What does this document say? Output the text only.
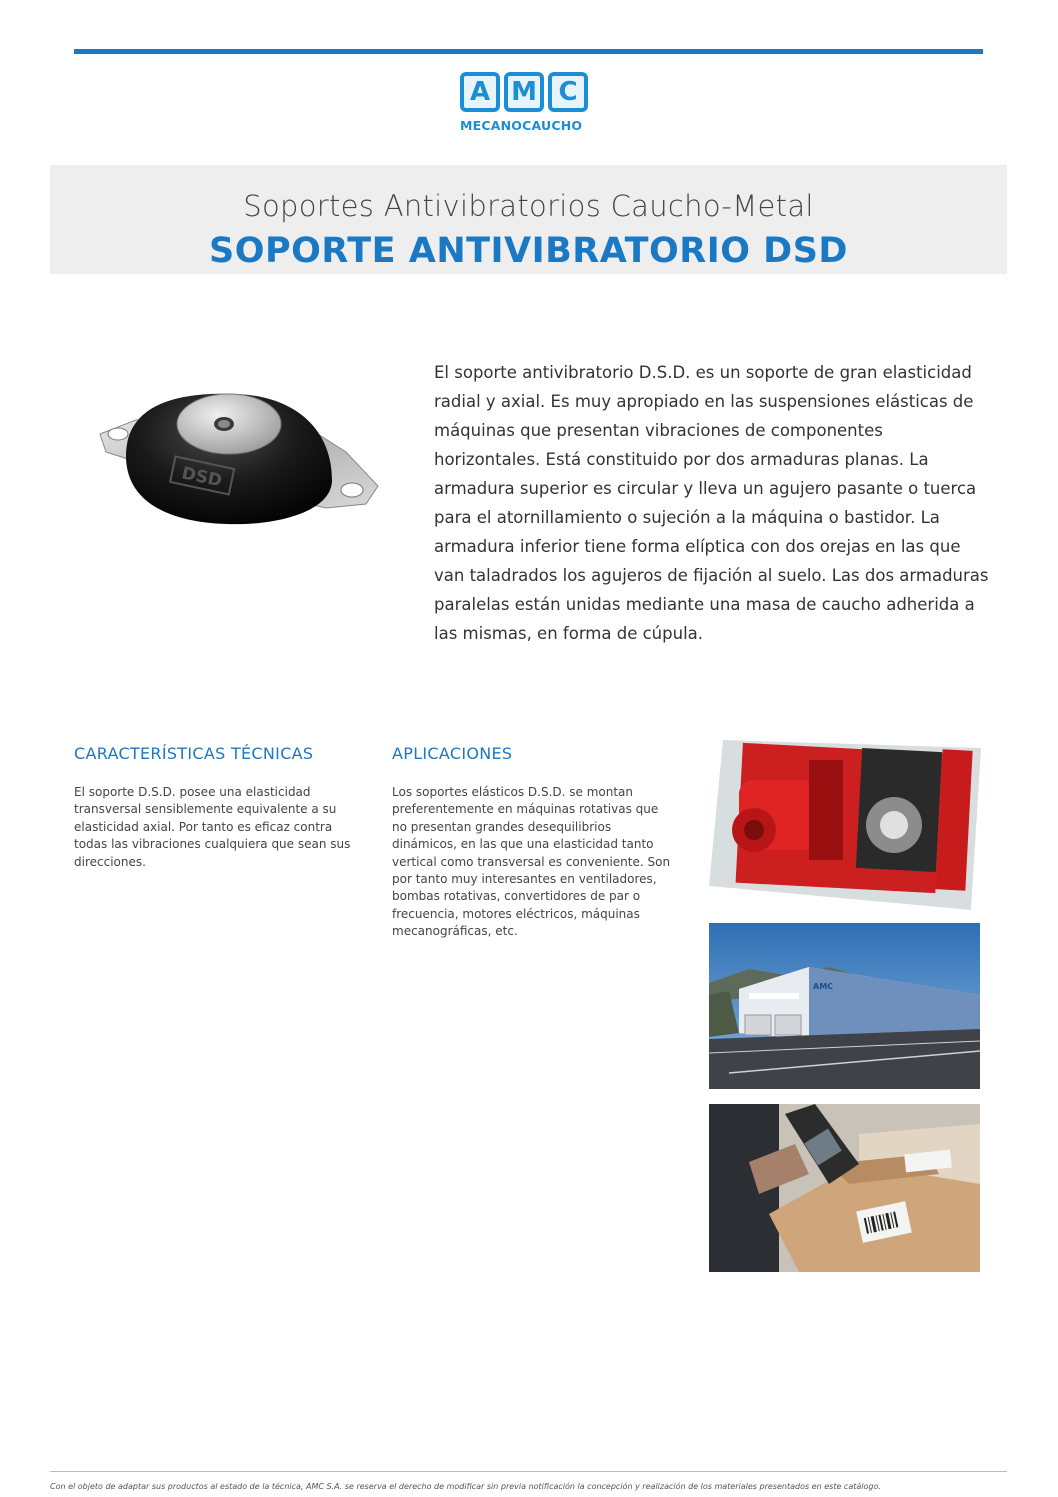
A M C
MECANOCAUCHO
Soportes Antivibratorios Caucho-Metal
SOPORTE ANTIVIBRATORIO DSD
DSD
El soporte antivibratorio D.S.D. es un soporte de gran elasticidad radial y axial. Es muy apropiado en las suspensiones elásticas de máquinas que presentan vibraciones de componentes horizontales. Está constituido por dos armaduras planas. La armadura superior es circular y lleva un agujero pasante o tuerca para el atornillamiento o sujeción a la máquina o bastidor. La armadura inferior tiene forma elíptica con dos orejas en las que van taladrados los agujeros de fijación al suelo. Las dos armaduras paralelas están unidas mediante una masa de caucho adherida a las mismas, en forma de cúpula.
CARACTERÍSTICAS TÉCNICAS
El soporte D.S.D. posee una elasticidad transversal sensiblemente equivalente a su elasticidad axial. Por tanto es eficaz contra todas las vibraciones cualquiera que sean sus direcciones.
APLICACIONES
Los soportes elásticos D.S.D. se montan preferentemente en máquinas rotativas que no presentan grandes desequilibrios dinámicos, en las que una elasticidad tanto vertical como transversal es conveniente. Son por tanto muy interesantes en ventiladores, bombas rotativas, convertidores de par o frecuencia, motores eléctricos, máquinas mecanográficas, etc.
AMC
Con el objeto de adaptar sus productos al estado de la técnica, AMC S.A. se reserva el derecho de modificar sin previa notificación la concepción y realización de los materiales presentados en este catálogo.
